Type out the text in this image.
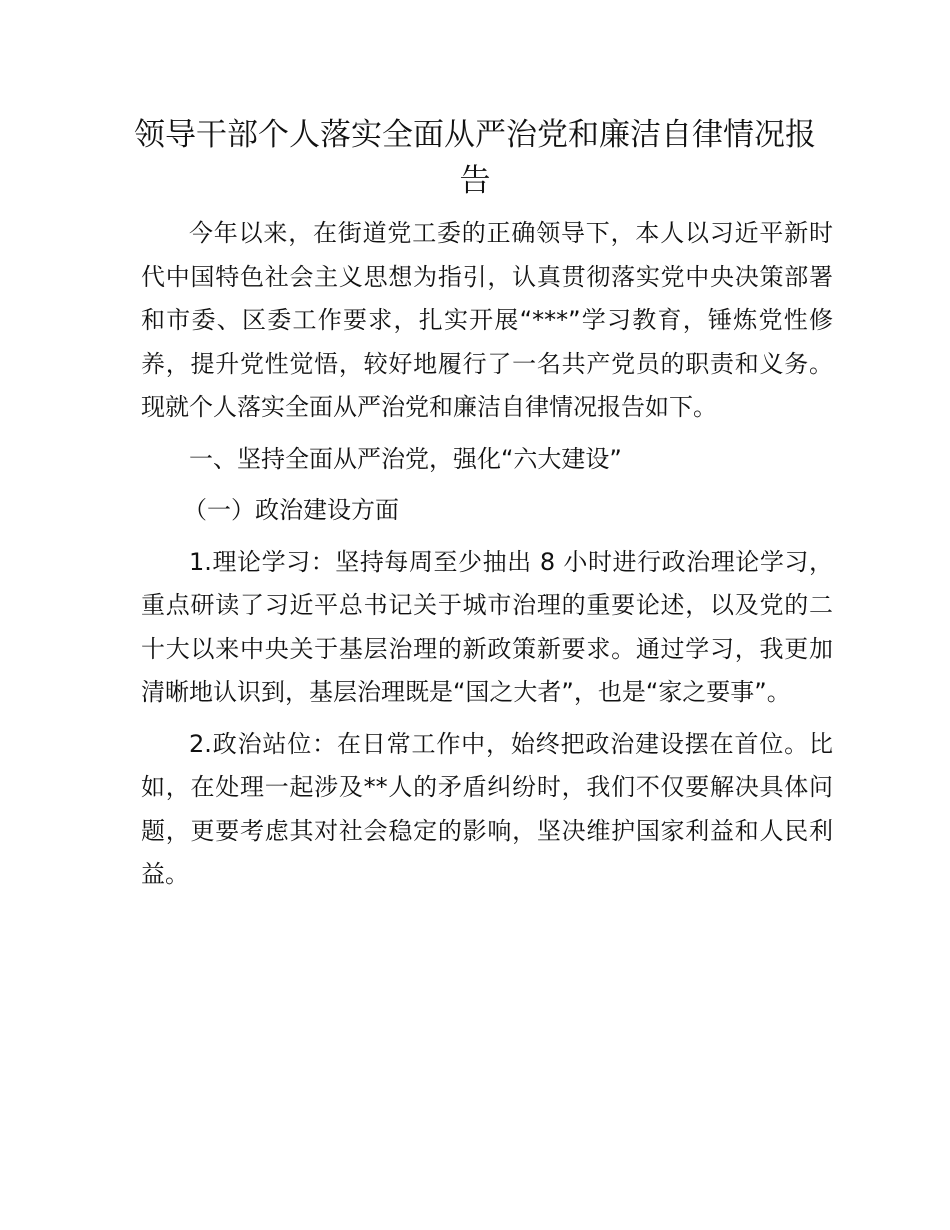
领导干部个人落实全面从严治党和廉洁自律情况报告

今年以来，在街道党工委的正确领导下，本人以习近平新时代中国特色社会主义思想为指引，认真贯彻落实党中央决策部署和市委、区委工作要求，扎实开展“***”学习教育，锤炼党性修养，提升党性觉悟，较好地履行了一名共产党员的职责和义务。现就个人落实全面从严治党和廉洁自律情况报告如下。

一、坚持全面从严治党，强化“六大建设”

（一）政治建设方面

1.理论学习：坚持每周至少抽出 8 小时进行政治理论学习，重点研读了习近平总书记关于城市治理的重要论述，以及党的二十大以来中央关于基层治理的新政策新要求。通过学习，我更加清晰地认识到，基层治理既是“国之大者”，也是“家之要事”。

2.政治站位：在日常工作中，始终把政治建设摆在首位。比如，在处理一起涉及**人的矛盾纠纷时，我们不仅要解决具体问题，更要考虑其对社会稳定的影响，坚决维护国家利益和人民利益。
